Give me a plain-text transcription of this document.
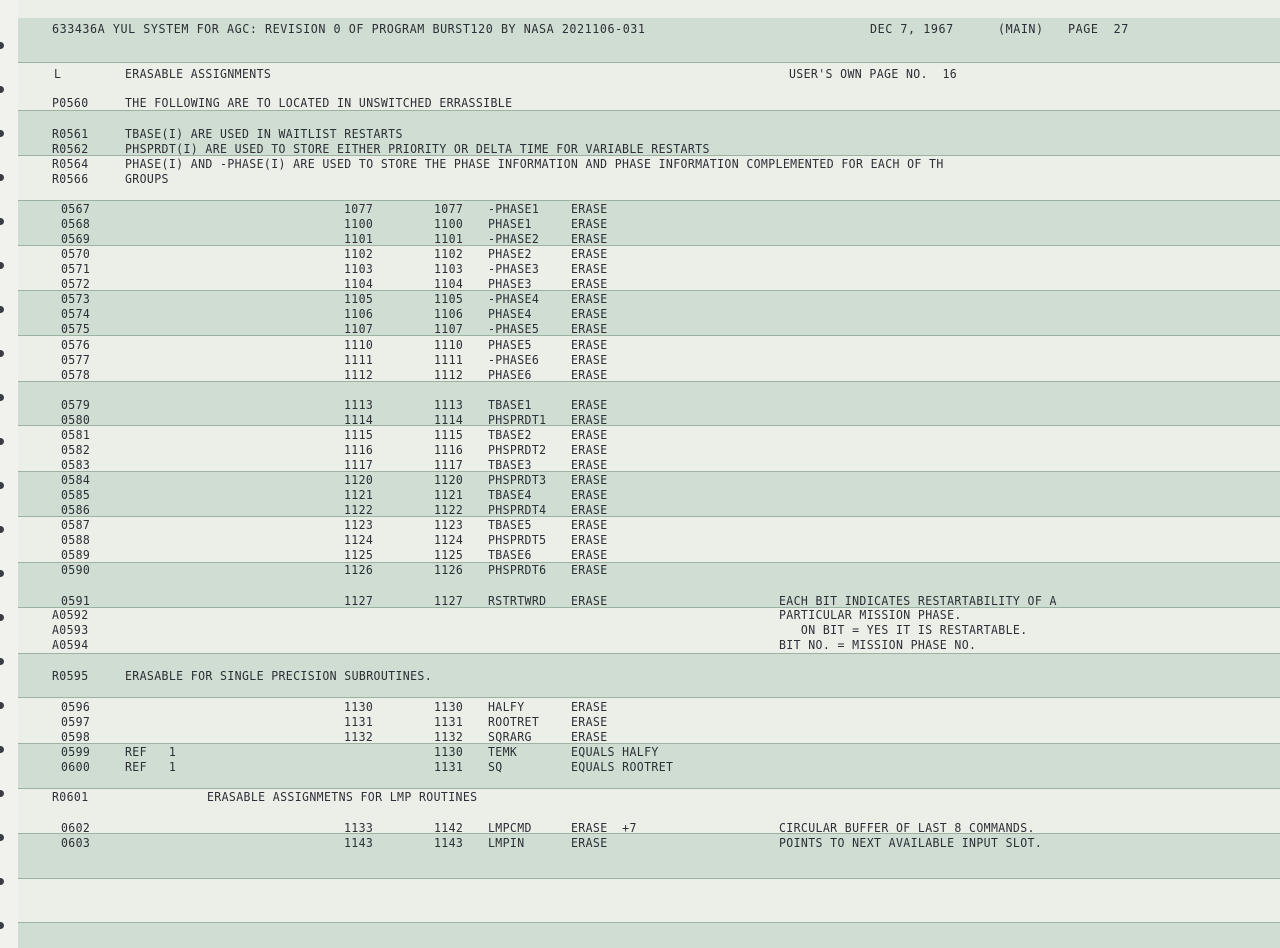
633436A YUL SYSTEM FOR AGC: REVISION 0 OF PROGRAM BURST120 BY NASA 2021106-031	DEC 7, 1967	(MAIN) PAGE  27
L	ERASABLE ASSIGNMENTS	USER'S OWN PAGE NO.  16
P0560	THE FOLLOWING ARE TO LOCATED IN UNSWITCHED ERRASSIBLE
R0561	TBASE(I) ARE USED IN WAITLIST RESTARTS
R0562	PHSPRDT(I) ARE USED TO STORE EITHER PRIORITY OR DELTA TIME FOR VARIABLE RESTARTS
R0564	PHASE(I) AND -PHASE(I) ARE USED TO STORE THE PHASE INFORMATION AND PHASE INFORMATION COMPLEMENTED FOR EACH OF TH
R0566	GROUPS
0567	1077	1077 -PHASE1	ERASE
0568	1100	1100 PHASE1	ERASE
0569	1101	1101 -PHASE2	ERASE
0570	1102	1102 PHASE2	ERASE
0571	1103	1103 -PHASE3	ERASE
0572	1104	1104 PHASE3	ERASE
0573	1105	1105 -PHASE4	ERASE
0574	1106	1106 PHASE4	ERASE
0575	1107	1107 -PHASE5	ERASE
0576	1110	1110 PHASE5	ERASE
0577	1111	1111 -PHASE6	ERASE
0578	1112	1112 PHASE6	ERASE
0579	1113	1113 TBASE1	ERASE
0580	1114	1114 PHSPRDT1 ERASE
0581	1115	1115 TBASE2	ERASE
0582	1116	1116 PHSPRDT2 ERASE
0583	1117	1117 TBASE3	ERASE
0584	1120	1120 PHSPRDT3 ERASE
0585	1121	1121 TBASE4	ERASE
0586	1122	1122 PHSPRDT4 ERASE
0587	1123	1123 TBASE5	ERASE
0588	1124	1124 PHSPRDT5 ERASE
0589	1125	1125 TBASE6	ERASE
0590	1126	1126 PHSPRDT6 ERASE
0591	1127	1127 RSTRTWRD ERASE	EACH BIT INDICATES RESTARTABILITY OF A
A0592	PARTICULAR MISSION PHASE.
A0593	ON BIT = YES IT IS RESTARTABLE.
A0594	BIT NO. = MISSION PHASE NO.
R0595	ERASABLE FOR SINGLE PRECISION SUBROUTINES.
0596	1130	1130 HALFY	ERASE
0597	1131	1131 ROOTRET	ERASE
0598	1132	1132 SQRARG	ERASE
0599	REF   1	1130 TEMK	EQUALS HALFY
0600	REF   1	1131 SQ	EQUALS ROOTRET
R0601	ERASABLE ASSIGNMETNS FOR LMP ROUTINES
0602	1133	1142 LMPCMD	ERASE  +7	CIRCULAR BUFFER OF LAST 8 COMMANDS.
0603	1143	1143 LMPIN	ERASE	POINTS TO NEXT AVAILABLE INPUT SLOT.
